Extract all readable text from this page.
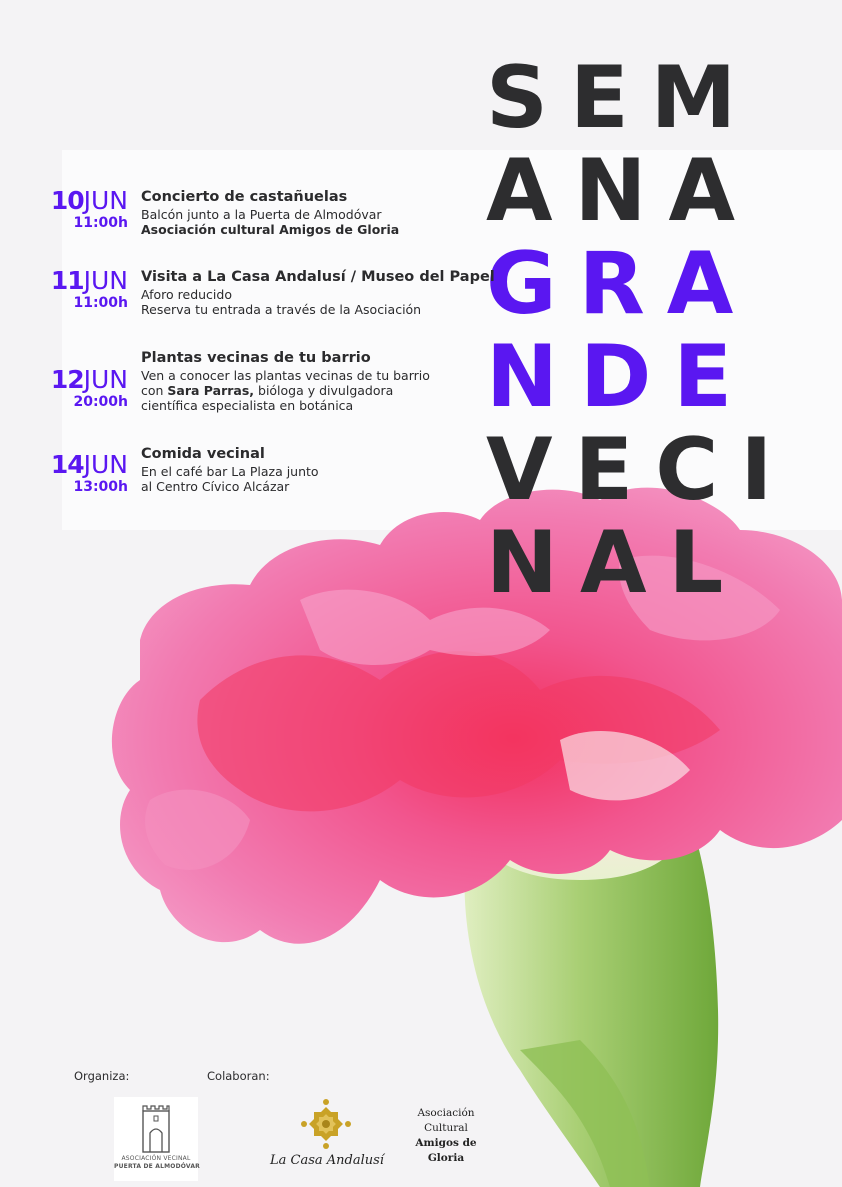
SEM
ANA
GRA
NDE
VECI
NAL
10JUN
11:00h
Concierto de castañuelas
Balcón junto a la Puerta de Almodóvar
Asociación cultural Amigos de Gloria
11JUN
11:00h
Visita a La Casa Andalusí / Museo del Papel
Aforo reducido
Reserva tu entrada a través de la Asociación
12JUN
20:00h
Plantas vecinas de tu barrio
Ven a conocer las plantas vecinas de tu barrio
con Sara Parras, bióloga y divulgadora
científica especialista en botánica
14JUN
13:00h
Comida vecinal
En el café bar La Plaza junto
al Centro Cívico Alcázar
Organiza:	Colaboran:
ASOCIACIÓN VECINAL
PUERTA DE ALMODÓVAR	La Casa Andalusí
Asociación
Cultural
Amigos de
Gloria
